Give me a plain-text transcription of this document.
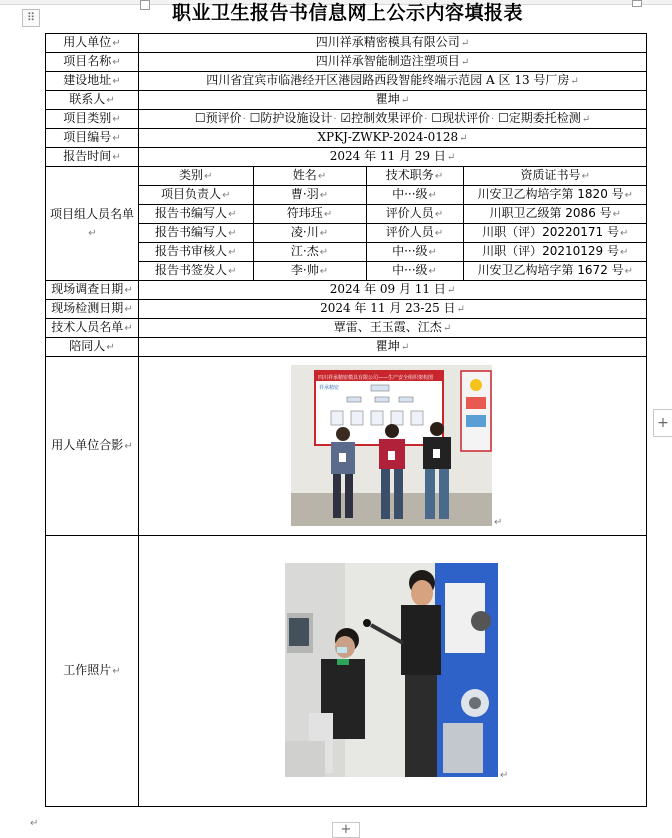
职业卫生报告书信息网上公示内容填报表
⠿
用人单位↵	四川祥承精密模具有限公司↵
项目名称↵	四川祥承智能制造注塑项目↵
建设地址↵	四川省宜宾市临港经开区港园路西段智能终端示范园 A 区 13 号厂房↵
联系人↵	瞿坤↵
项目类别↵	☐预评价· ☐防护设施设计· ☑控制效果评价· ☐现状评价· ☐定期委托检测↵
项目编号↵	XPKJ-ZWKP-2024-0128↵
报告时间↵	2024 年 11 月 29 日↵
项目组人员名单↵	
类别↵	姓名↵	技术职务↵	资质证书号↵
项目负责人↵	曹·羽↵	中···级↵	川安卫乙构培字第 1820 号↵
报告书编写人↵	符玮珏↵	评价人员↵	川职卫乙级第 2086 号↵
报告书编写人↵	凌·川↵	评价人员↵	川职（评）20220171 号↵
报告书审核人↵	江·杰↵	中···级↵	川职（评）20210129 号↵
报告书签发人↵	李·帅↵	中···级↵	川安卫乙构培字第 1672 号↵

现场调查日期↵	2024 年 09 月 11 日↵
现场检测日期↵	2024 年 11 月 23-25 日↵
技术人员名单↵	覃雷、王玉霞、江杰↵
陪同人↵	瞿坤↵
用人单位合影↵	
四川祥承精密模具有限公司——生产安全组织架构图
祥承精密
↵

工作照片↵	
↵
+
+
↵
